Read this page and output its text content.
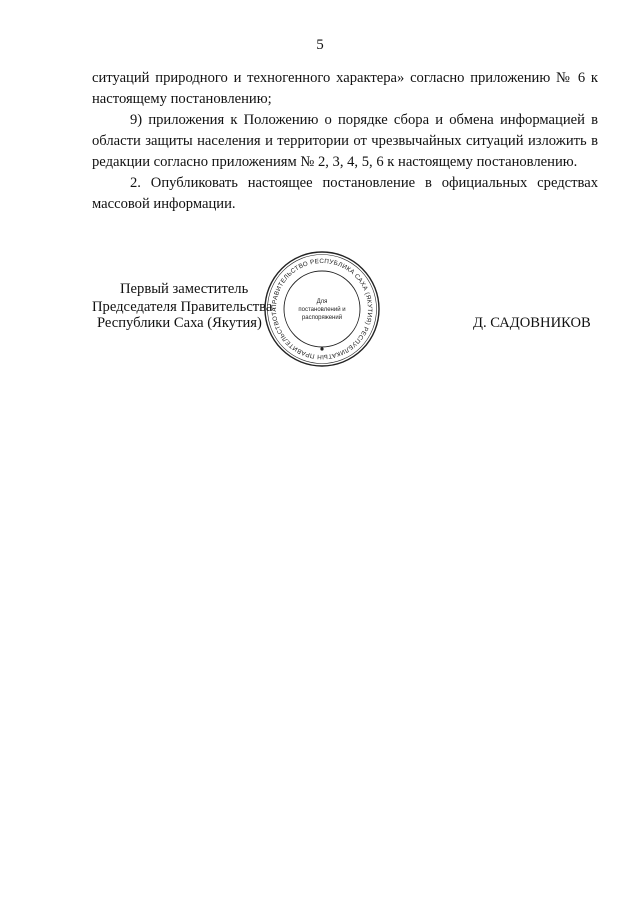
5

ситуаций природного и техногенного характера» согласно приложению № 6 к настоящему постановлению;

9) приложения к Положению о порядке сбора и обмена информацией в области защиты населения и территории от чрезвычайных ситуаций изложить в редакции согласно приложениям № 2, 3, 4, 5, 6 к настоящему постановлению.

2. Опубликовать настоящее постановление в официальных средствах массовой информации.

Первый заместитель
Председателя Правительства
Республики Саха (Якутия)	Д. САДОВНИКОВ
ПРАВИТЕЛЬСТВО РЕСПУБЛИКА САХА (ЯКУТИЯ) РЕСПУБЛИКАТЫН ПРАВИТЕЛЬСТВОТА
Для
постановлений и
распоряжений
